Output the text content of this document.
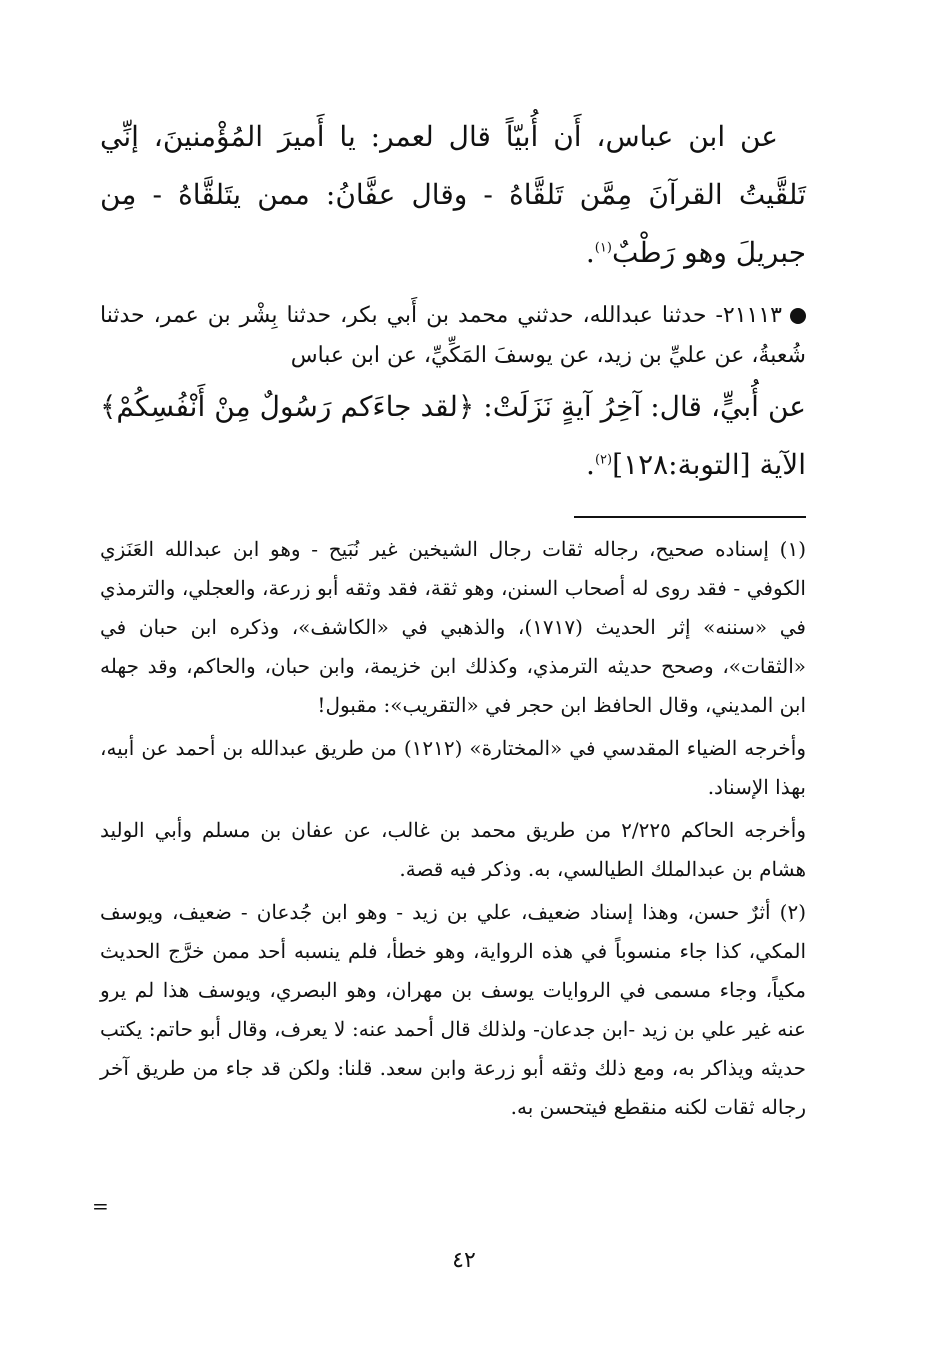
عن ابن عباس، أَن أُبيّاً قال لعمر: يا أَميرَ المُؤْمنينَ، إنِّي تَلقَّيتُ القرآنَ مِمَّن تَلقَّاهُ - وقال عفَّانُ: ممن يتَلقَّاهُ - مِن جبريلَ وهو رَطْبٌ$^{(١)}$.

٢١١١٣- حدثنا عبدالله، حدثني محمد بن أَبي بكر، حدثنا بِشْر بن عمر، حدثنا شُعبةُ، عن عليِّ بن زيد، عن يوسفَ المَكِّيِّ، عن ابن عباس

عن أُبيٍّ، قال: آخِرُ آيةٍ نَزَلَتْ: ﴿لقد جاءَكم رَسُولٌ مِنْ أَنْفُسِكُمْ﴾ الآية [التوبة:١٢٨]$^{(٢)}$.

(١) إسناده صحيح، رجاله ثقات رجال الشيخين غير نُبَيح - وهو ابن عبدالله العَنَزي الكوفي - فقد روى له أصحاب السنن، وهو ثقة، فقد وثقه أبو زرعة، والعجلي، والترمذي في «سننه» إثر الحديث (١٧١٧)، والذهبي في «الكاشف»، وذكره ابن حبان في «الثقات»، وصحح حديثه الترمذي، وكذلك ابن خزيمة، وابن حبان، والحاكم، وقد جهله ابن المديني، وقال الحافظ ابن حجر في «التقريب»: مقبول!

وأخرجه الضياء المقدسي في «المختارة» (١٢١٢) من طريق عبدالله بن أحمد عن أبيه، بهذا الإسناد.

وأخرجه الحاكم ٢/٢٢٥ من طريق محمد بن غالب، عن عفان بن مسلم وأبي الوليد هشام بن عبدالملك الطيالسي، به. وذكر فيه قصة.

(٢) أثرٌ حسن، وهذا إسناد ضعيف، علي بن زيد - وهو ابن جُدعان - ضعيف، ويوسف المكي، كذا جاء منسوباً في هذه الرواية، وهو خطأ، فلم ينسبه أحد ممن خرَّج الحديث مكياً، وجاء مسمى في الروايات يوسف بن مهران، وهو البصري، ويوسف هذا لم يرو عنه غير علي بن زيد -ابن جدعان- ولذلك قال أحمد عنه: لا يعرف، وقال أبو حاتم: يكتب حديثه ويذاكر به، ومع ذلك وثقه أبو زرعة وابن سعد. قلنا: ولكن قد جاء من طريق آخر رجاله ثقات لكنه منقطع فيتحسن به.

=
٤٢
